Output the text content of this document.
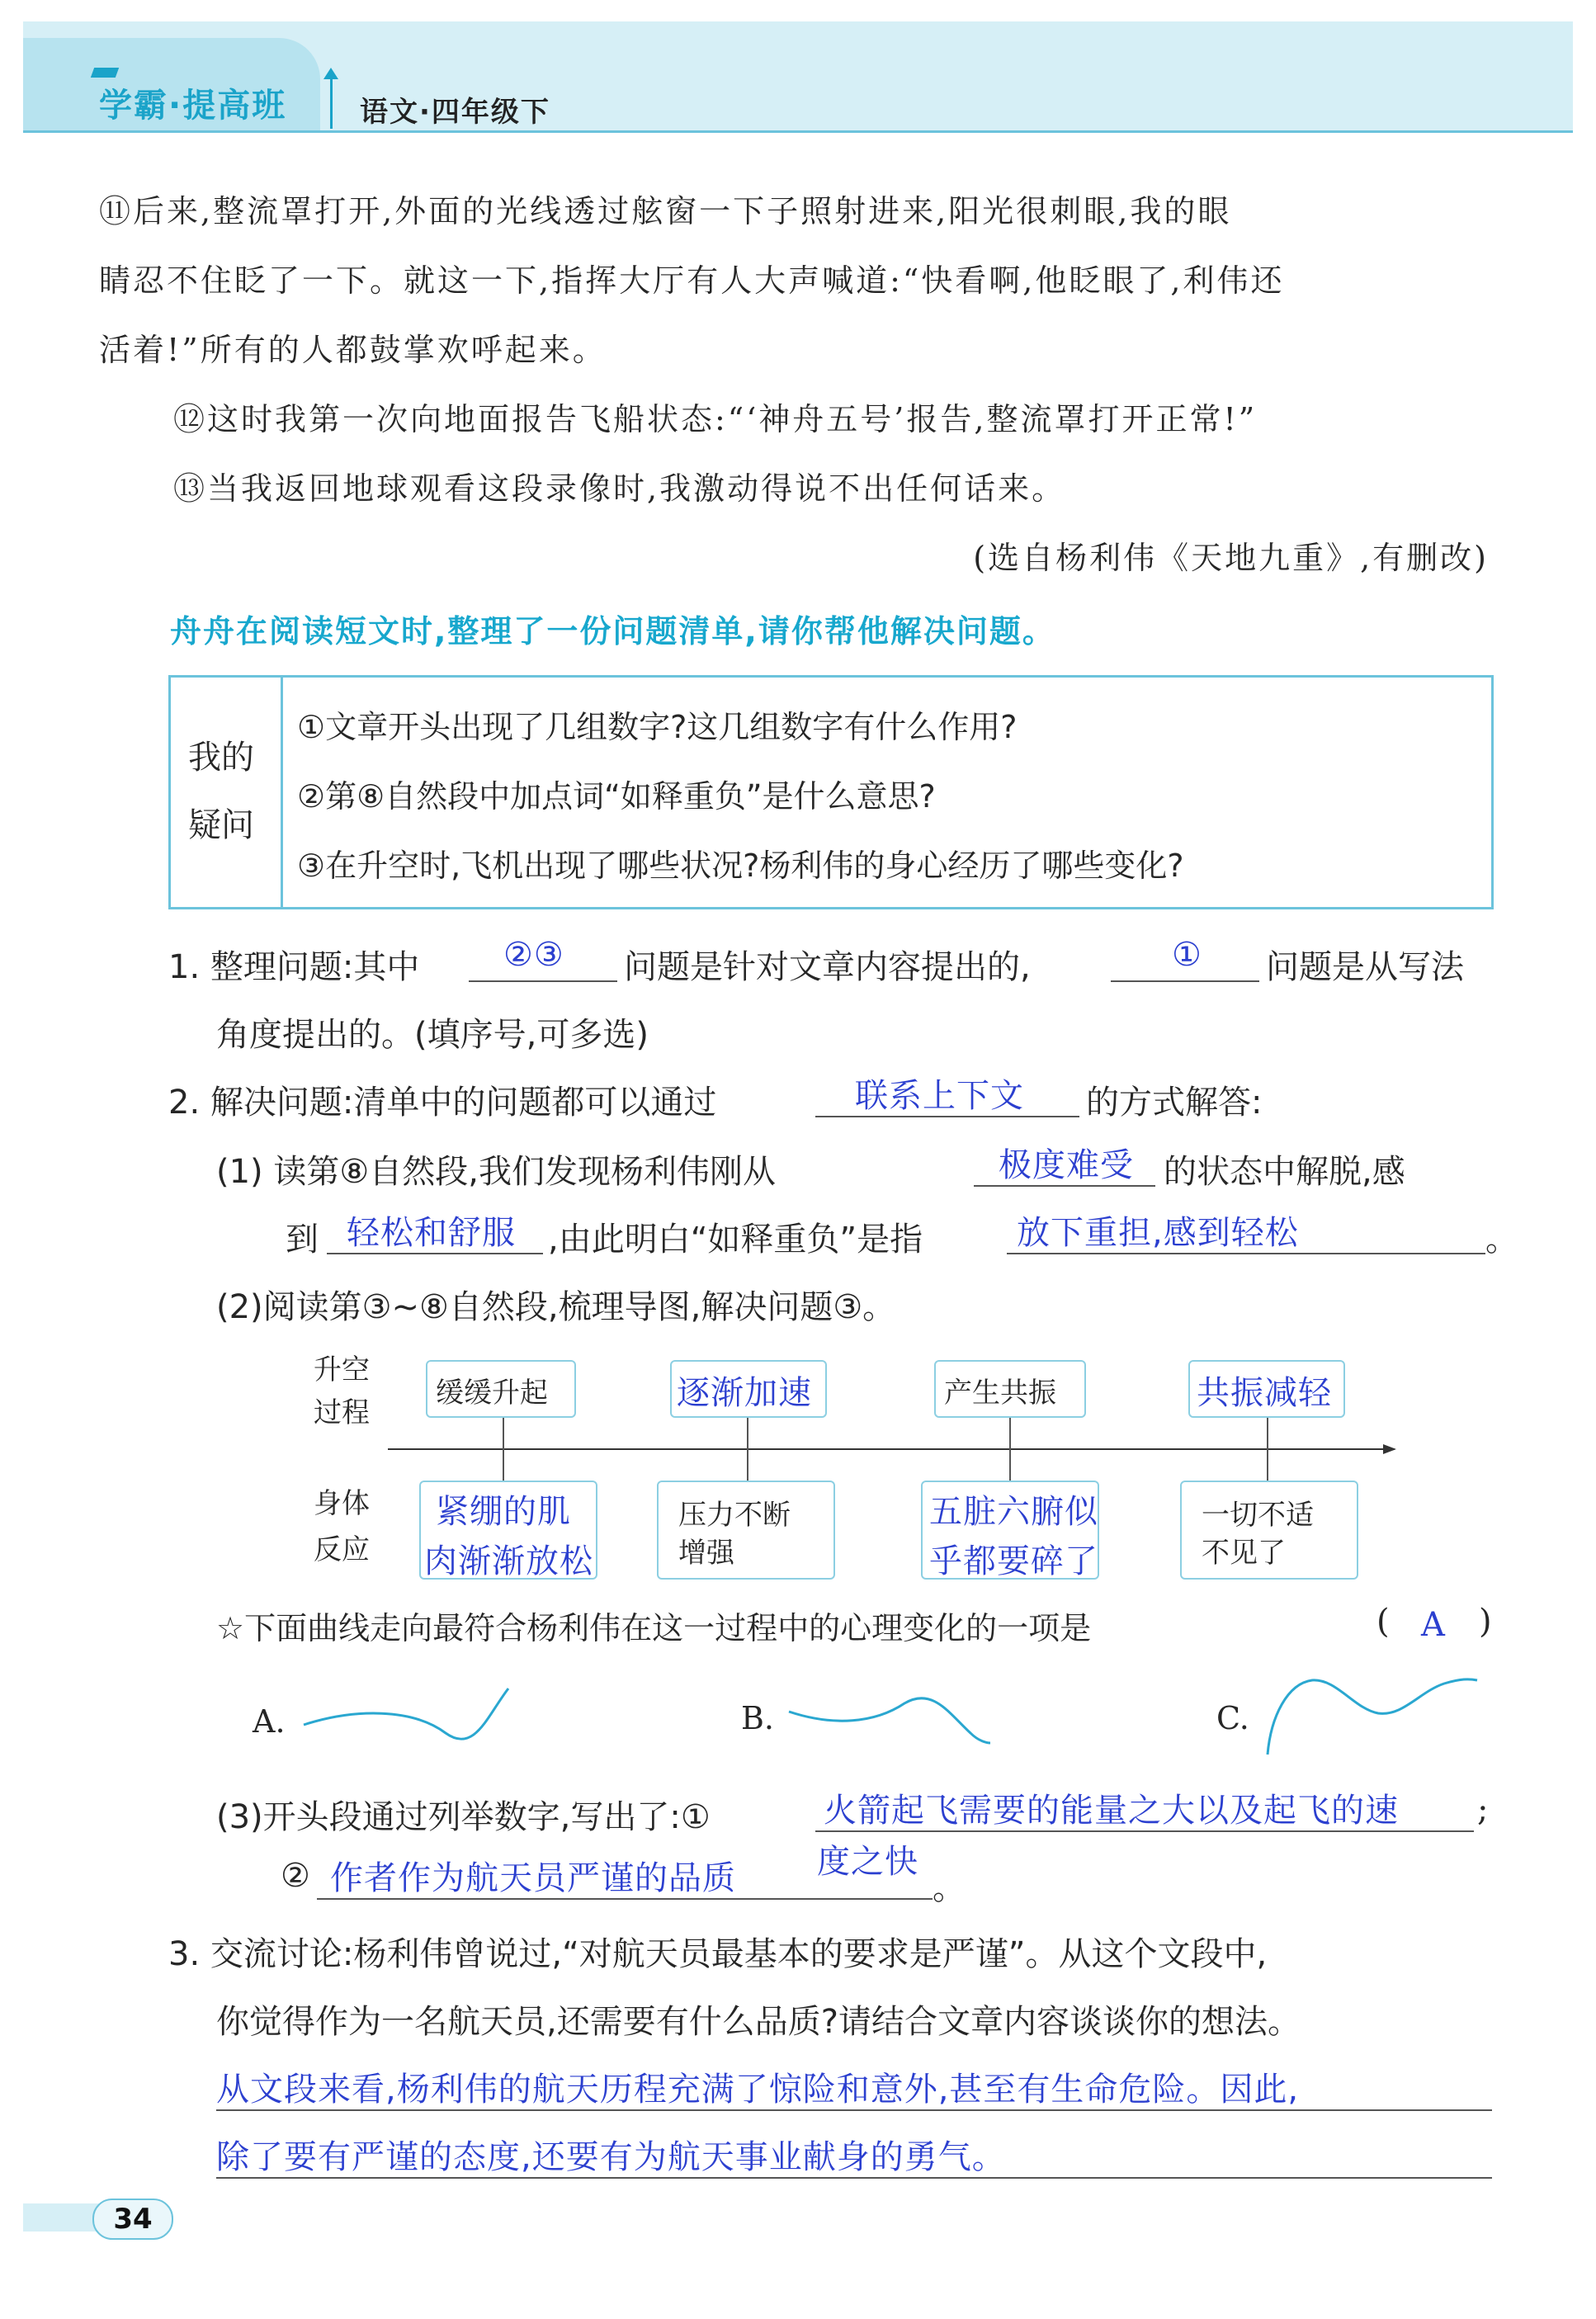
学霸·提高班	语文·四年级下
⑪后来,整流罩打开,外面的光线透过舷窗一下子照射进来,阳光很刺眼,我的眼
睛忍不住眨了一下。就这一下,指挥大厅有人大声喊道:“快看啊,他眨眼了,利伟还
活着!”所有的人都鼓掌欢呼起来。
⑫这时我第一次向地面报告飞船状态:“‘神舟五号’报告,整流罩打开正常!”
⑬当我返回地球观看这段录像时,我激动得说不出任何话来。
(选自杨利伟《天地九重》,有删改)
舟舟在阅读短文时,整理了一份问题清单,请你帮他解决问题。
我的
疑问
①文章开头出现了几组数字?这几组数字有什么作用?
②第⑧自然段中加点词“如释重负”是什么意思?
③在升空时,飞机出现了哪些状况?杨利伟的身心经历了哪些变化?
1. 整理问题:其中	②③ 问题是针对文章内容提出的,	① 问题是从写法
角度提出的。(填序号,可多选)
2. 解决问题:清单中的问题都可以通过	联系上下文 的方式解答:
(1) 读第⑧自然段,我们发现杨利伟刚从	极度难受 的状态中解脱,感
到 轻松和舒服 ,由此明白“如释重负”是指	放下重担,感到轻松	。
(2)阅读第③~⑧自然段,梳理导图,解决问题③。
升空
过程
身体
反应
缓缓升起	逐渐加速	产生共振	共振减轻
紧绷的肌
肉渐渐放松
压力不断
增强
五脏六腑似
乎都要碎了
一切不适
不见了
☆下面曲线走向最符合杨利伟在这一过程中的心理变化的一项是	( A )
A.	B.	C.
(3)开头段通过列举数字,写出了:①	火箭起飞需要的能量之大以及起飞的速 ;
② 作者作为航天员严谨的品质 度之快
。
3. 交流讨论:杨利伟曾说过,“对航天员最基本的要求是严谨”。从这个文段中,
你觉得作为一名航天员,还需要有什么品质?请结合文章内容谈谈你的想法。
从文段来看,杨利伟的航天历程充满了惊险和意外,甚至有生命危险。因此,
除了要有严谨的态度,还要有为航天事业献身的勇气。
34
